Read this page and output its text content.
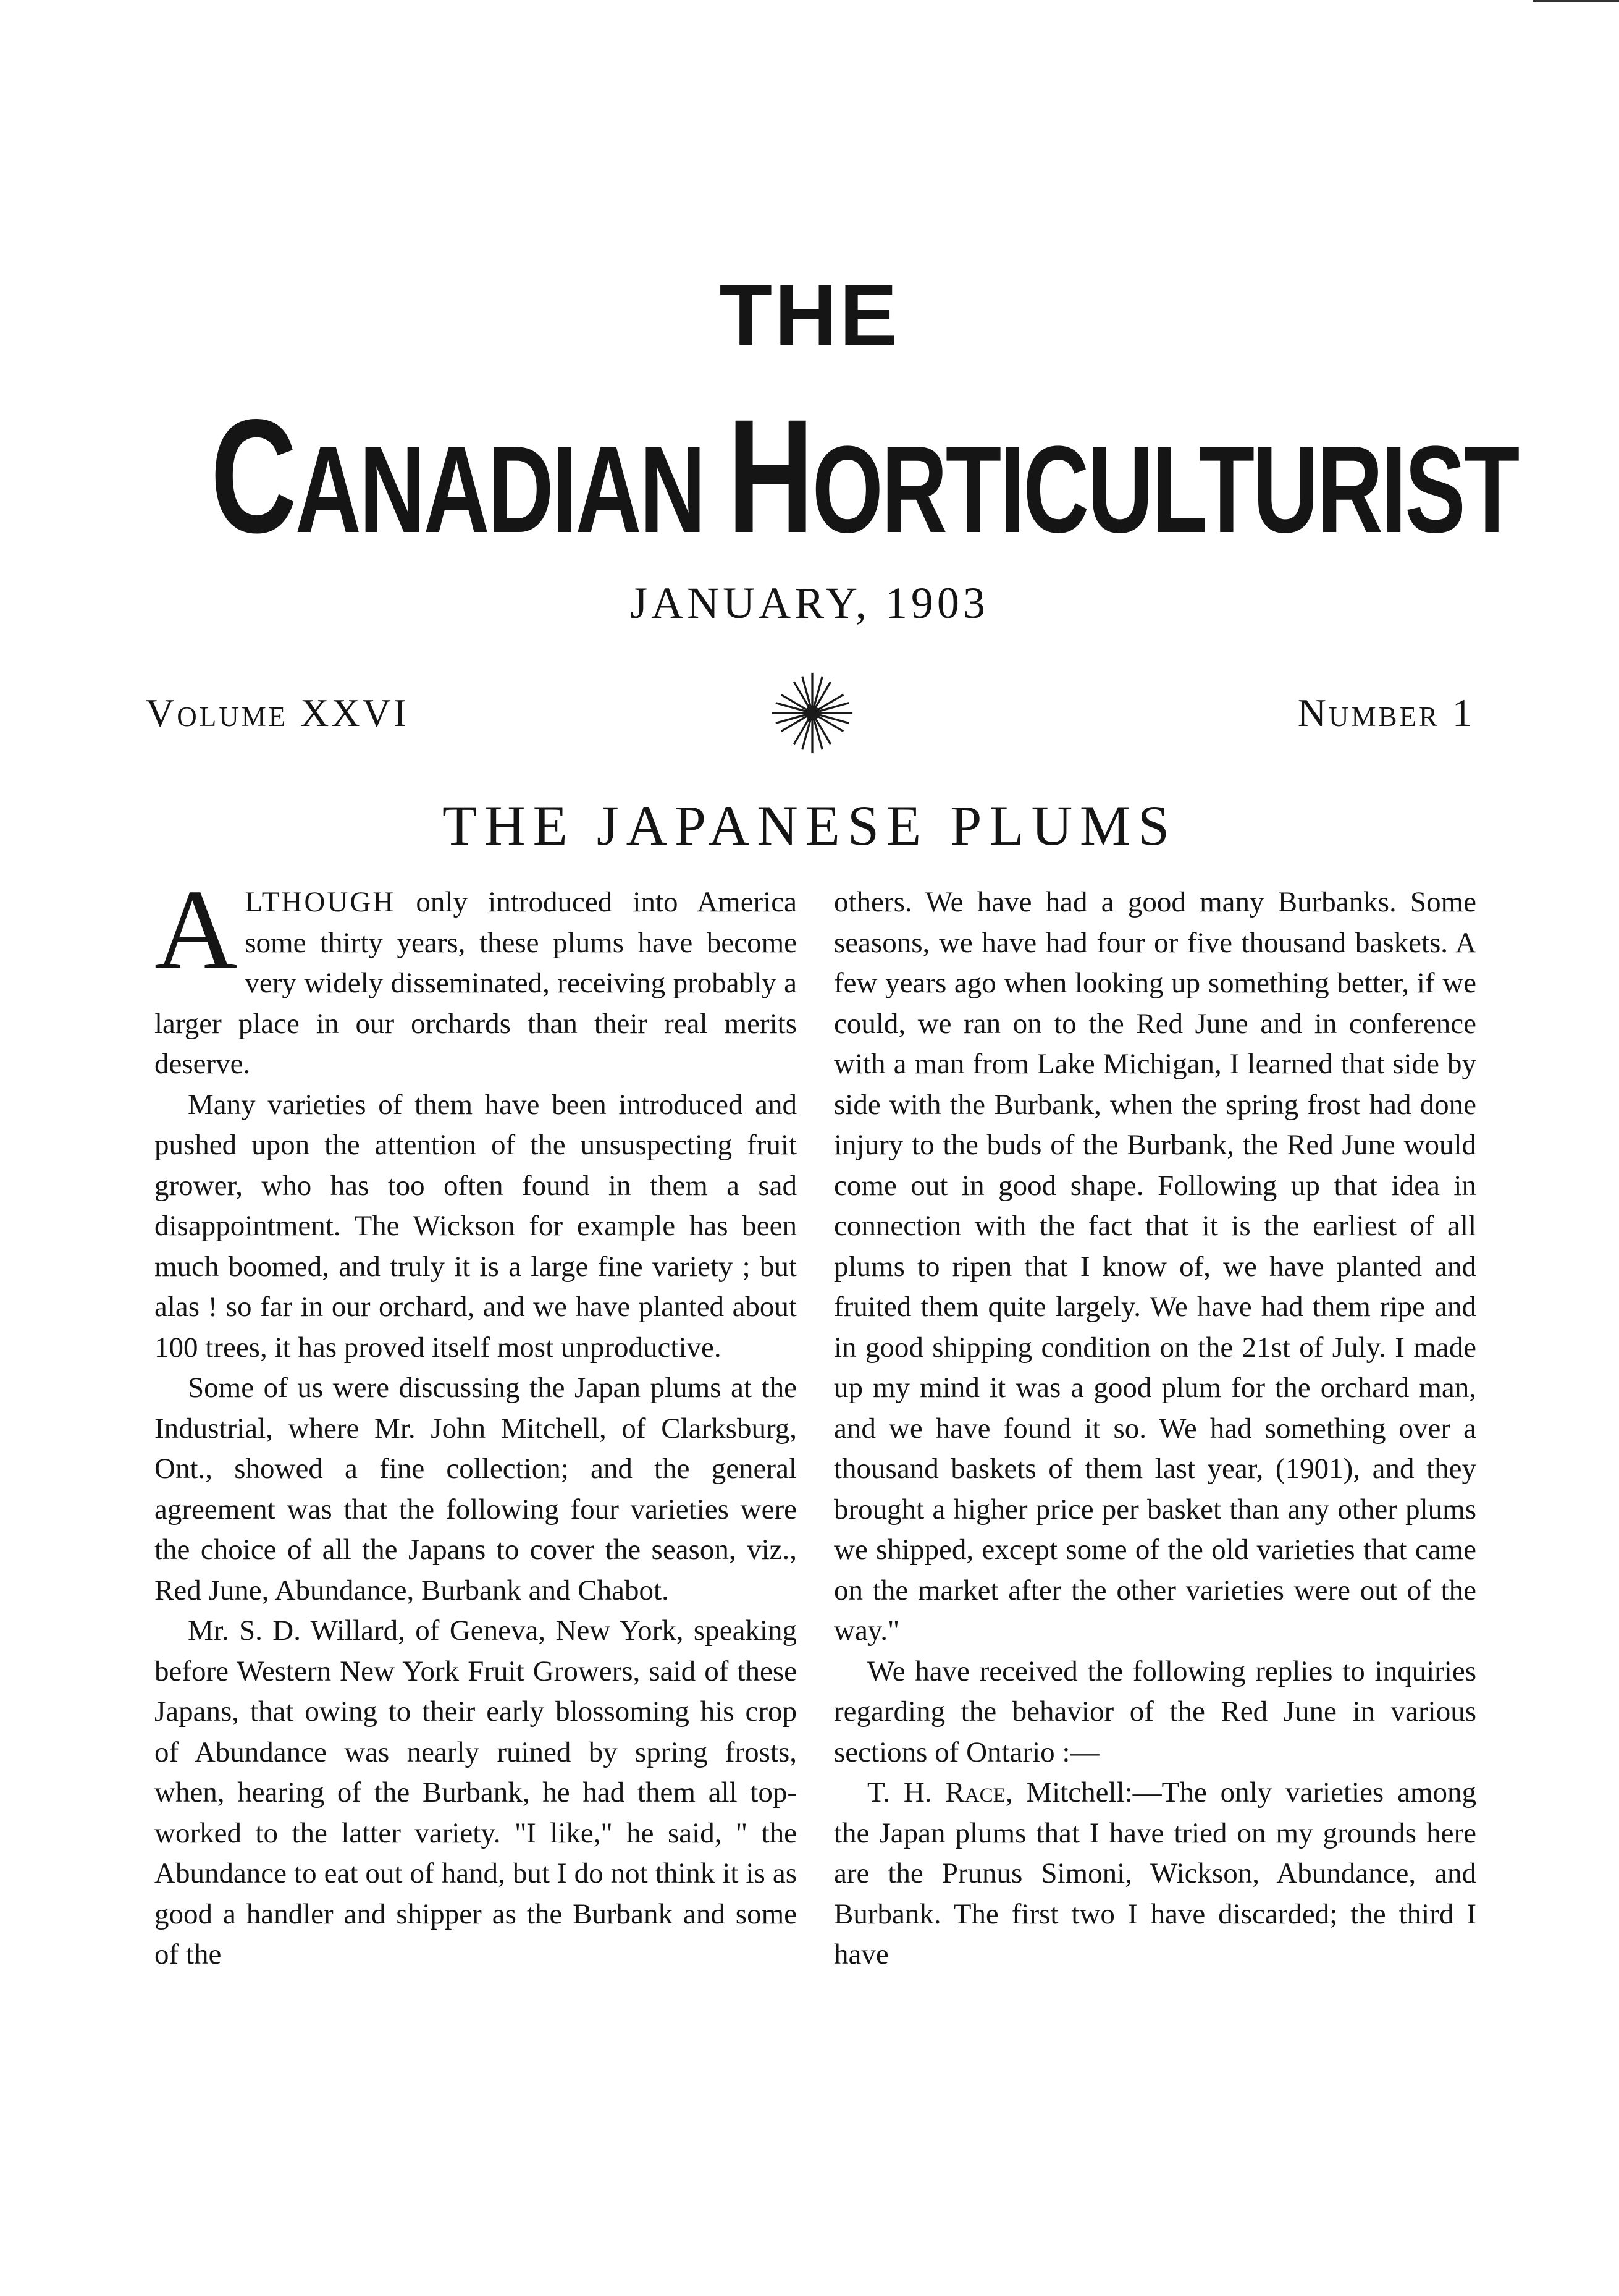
THE
CANADIAN HORTICULTURIST
JANUARY, 1903
Volume XXVI	Number 1
THE JAPANESE PLUMS

ALTHOUGH only introduced into America some thirty years, these plums have become very widely disseminated, receiving probably a larger place in our orchards than their real merits deserve.

Many varieties of them have been introduced and pushed upon the attention of the unsuspecting fruit grower, who has too often found in them a sad disappointment. The Wickson for example has been much boomed, and truly it is a large fine variety ; but alas ! so far in our orchard, and we have planted about 100 trees, it has proved itself most unproductive.

Some of us were discussing the Japan plums at the Industrial, where Mr. John Mitchell, of Clarksburg, Ont., showed a fine collection; and the general agreement was that the following four varieties were the choice of all the Japans to cover the season, viz., Red June, Abundance, Burbank and Chabot.

Mr. S. D. Willard, of Geneva, New York, speaking before Western New York Fruit Growers, said of these Japans, that owing to their early blossoming his crop of Abundance was nearly ruined by spring frosts, when, hearing of the Burbank, he had them all top-worked to the latter variety. "I like," he said, " the Abundance to eat out of hand, but I do not think it is as good a handler and shipper as the Burbank and some of the

others. We have had a good many Burbanks. Some seasons, we have had four or five thousand baskets. A few years ago when looking up something better, if we could, we ran on to the Red June and in conference with a man from Lake Michigan, I learned that side by side with the Burbank, when the spring frost had done injury to the buds of the Burbank, the Red June would come out in good shape. Following up that idea in connection with the fact that it is the earliest of all plums to ripen that I know of, we have planted and fruited them quite largely. We have had them ripe and in good shipping condition on the 21st of July. I made up my mind it was a good plum for the orchard man, and we have found it so. We had something over a thousand baskets of them last year, (1901), and they brought a higher price per basket than any other plums we shipped, except some of the old varieties that came on the market after the other varieties were out of the way."

We have received the following replies to inquiries regarding the behavior of the Red June in various sections of Ontario :—

T. H. Race, Mitchell:—The only varieties among the Japan plums that I have tried on my grounds here are the Prunus Simoni, Wickson, Abundance, and Burbank. The first two I have discarded; the third I have
